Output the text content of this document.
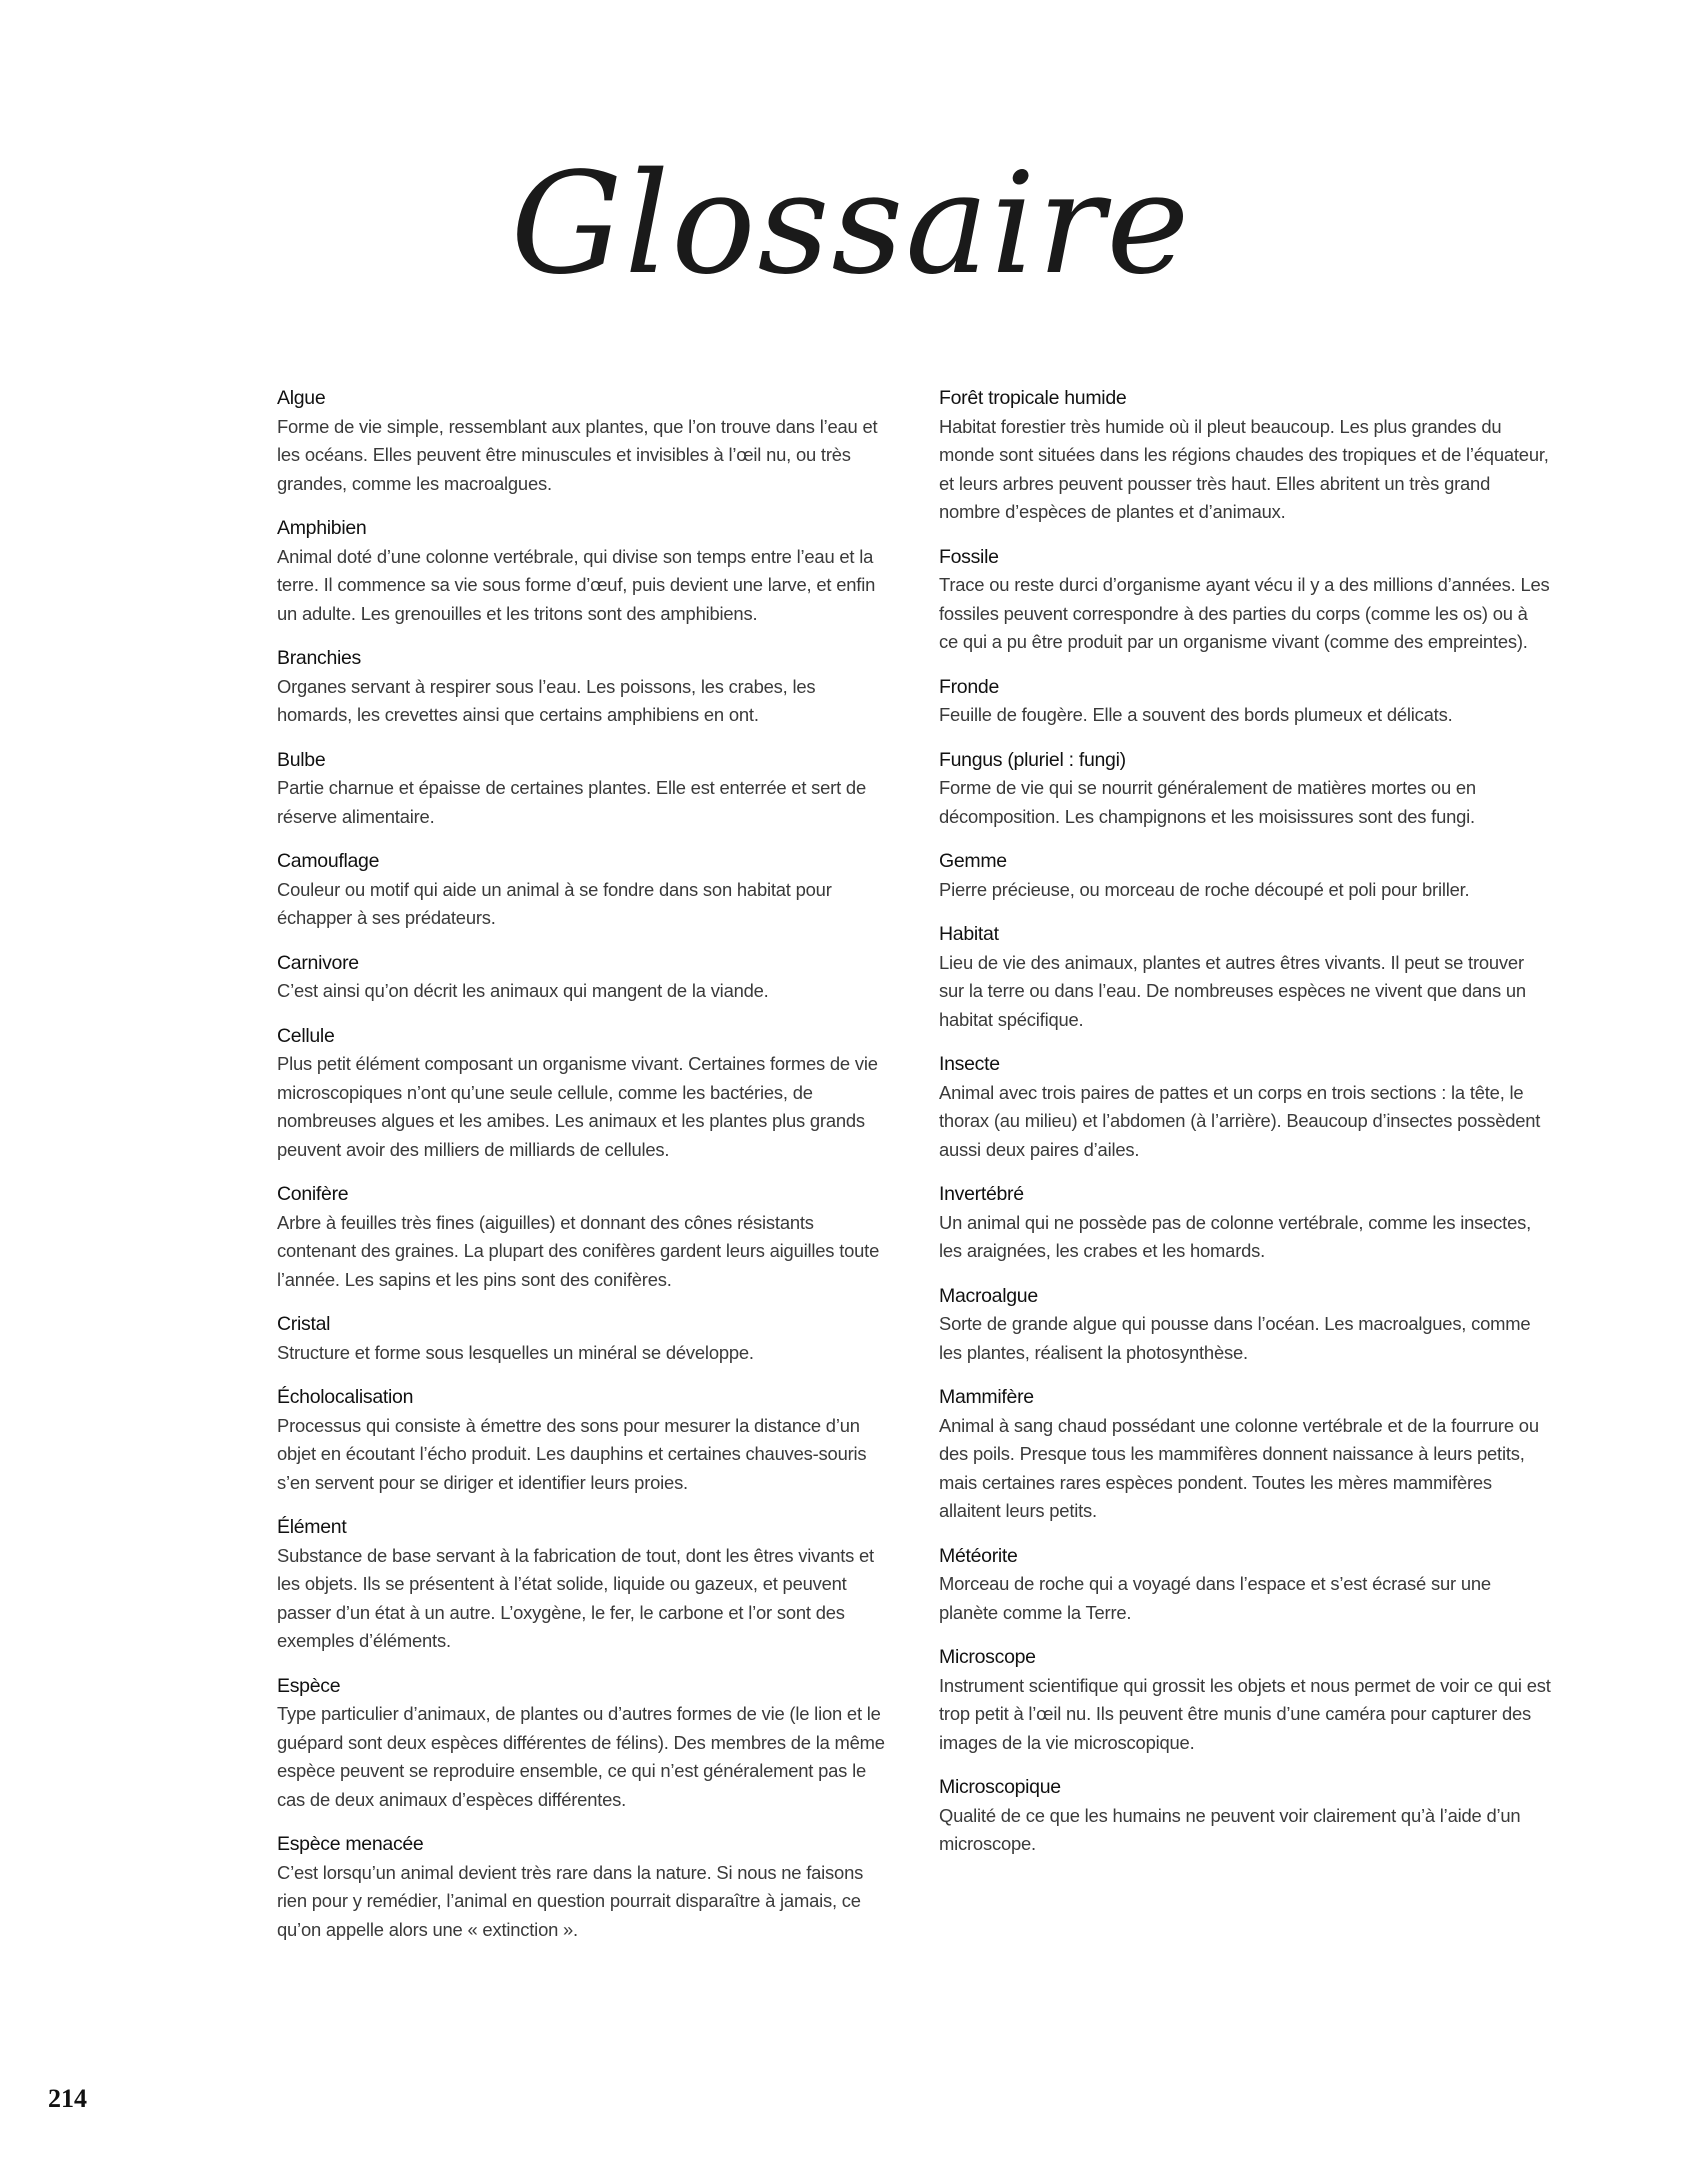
Glossaire
Algue
Forme de vie simple, ressemblant aux plantes, que l’on trouve dans l’eau et les océans. Elles peuvent être minuscules et invisibles à l’œil nu, ou très grandes, comme les macroalgues.
Amphibien
Animal doté d’une colonne vertébrale, qui divise son temps entre l’eau et la terre. Il commence sa vie sous forme d’œuf, puis devient une larve, et enfin un adulte. Les grenouilles et les tritons sont des amphibiens.
Branchies
Organes servant à respirer sous l’eau. Les poissons, les crabes, les homards, les crevettes ainsi que certains amphibiens en ont.
Bulbe
Partie charnue et épaisse de certaines plantes. Elle est enterrée et sert de réserve alimentaire.
Camouflage
Couleur ou motif qui aide un animal à se fondre dans son habitat pour échapper à ses prédateurs.
Carnivore
C’est ainsi qu’on décrit les animaux qui mangent de la viande.
Cellule
Plus petit élément composant un organisme vivant. Certaines formes de vie microscopiques n’ont qu’une seule cellule, comme les bactéries, de nombreuses algues et les amibes. Les animaux et les plantes plus grands peuvent avoir des milliers de milliards de cellules.
Conifère
Arbre à feuilles très fines (aiguilles) et donnant des cônes résistants contenant des graines. La plupart des conifères gardent leurs aiguilles toute l’année. Les sapins et les pins sont des conifères.
Cristal
Structure et forme sous lesquelles un minéral se développe.
Écholocalisation
Processus qui consiste à émettre des sons pour mesurer la distance d’un objet en écoutant l’écho produit. Les dauphins et certaines chauves-souris s’en servent pour se diriger et identifier leurs proies.
Élément
Substance de base servant à la fabrication de tout, dont les êtres vivants et les objets. Ils se présentent à l’état solide, liquide ou gazeux, et peuvent passer d’un état à un autre. L’oxygène, le fer, le carbone et l’or sont des exemples d’éléments.
Espèce
Type particulier d’animaux, de plantes ou d’autres formes de vie (le lion et le guépard sont deux espèces différentes de félins). Des membres de la même espèce peuvent se reproduire ensemble, ce qui n’est généralement pas le cas de deux animaux d’espèces différentes.
Espèce menacée
C’est lorsqu’un animal devient très rare dans la nature. Si nous ne faisons rien pour y remédier, l’animal en question pourrait disparaître à jamais, ce qu’on appelle alors une « extinction ».
Forêt tropicale humide
Habitat forestier très humide où il pleut beaucoup. Les plus grandes du monde sont situées dans les régions chaudes des tropiques et de l’équateur, et leurs arbres peuvent pousser très haut. Elles abritent un très grand nombre d’espèces de plantes et d’animaux.
Fossile
Trace ou reste durci d’organisme ayant vécu il y a des millions d’années. Les fossiles peuvent correspondre à des parties du corps (comme les os) ou à ce qui a pu être produit par un organisme vivant (comme des empreintes).
Fronde
Feuille de fougère. Elle a souvent des bords plumeux et délicats.
Fungus (pluriel : fungi)
Forme de vie qui se nourrit généralement de matières mortes ou en décomposition. Les champignons et les moisissures sont des fungi.
Gemme
Pierre précieuse, ou morceau de roche découpé et poli pour briller.
Habitat
Lieu de vie des animaux, plantes et autres êtres vivants. Il peut se trouver sur la terre ou dans l’eau. De nombreuses espèces ne vivent que dans un habitat spécifique.
Insecte
Animal avec trois paires de pattes et un corps en trois sections : la tête, le thorax (au milieu) et l’abdomen (à l’arrière). Beaucoup d’insectes possèdent aussi deux paires d’ailes.
Invertébré
Un animal qui ne possède pas de colonne vertébrale, comme les insectes, les araignées, les crabes et les homards.
Macroalgue
Sorte de grande algue qui pousse dans l’océan. Les macroalgues, comme les plantes, réalisent la photosynthèse.
Mammifère
Animal à sang chaud possédant une colonne vertébrale et de la fourrure ou des poils. Presque tous les mammifères donnent naissance à leurs petits, mais certaines rares espèces pondent. Toutes les mères mammifères allaitent leurs petits.
Météorite
Morceau de roche qui a voyagé dans l’espace et s’est écrasé sur une planète comme la Terre.
Microscope
Instrument scientifique qui grossit les objets et nous permet de voir ce qui est trop petit à l’œil nu. Ils peuvent être munis d’une caméra pour capturer des images de la vie microscopique.
Microscopique
Qualité de ce que les humains ne peuvent voir clairement qu’à l’aide d’un microscope.
214
